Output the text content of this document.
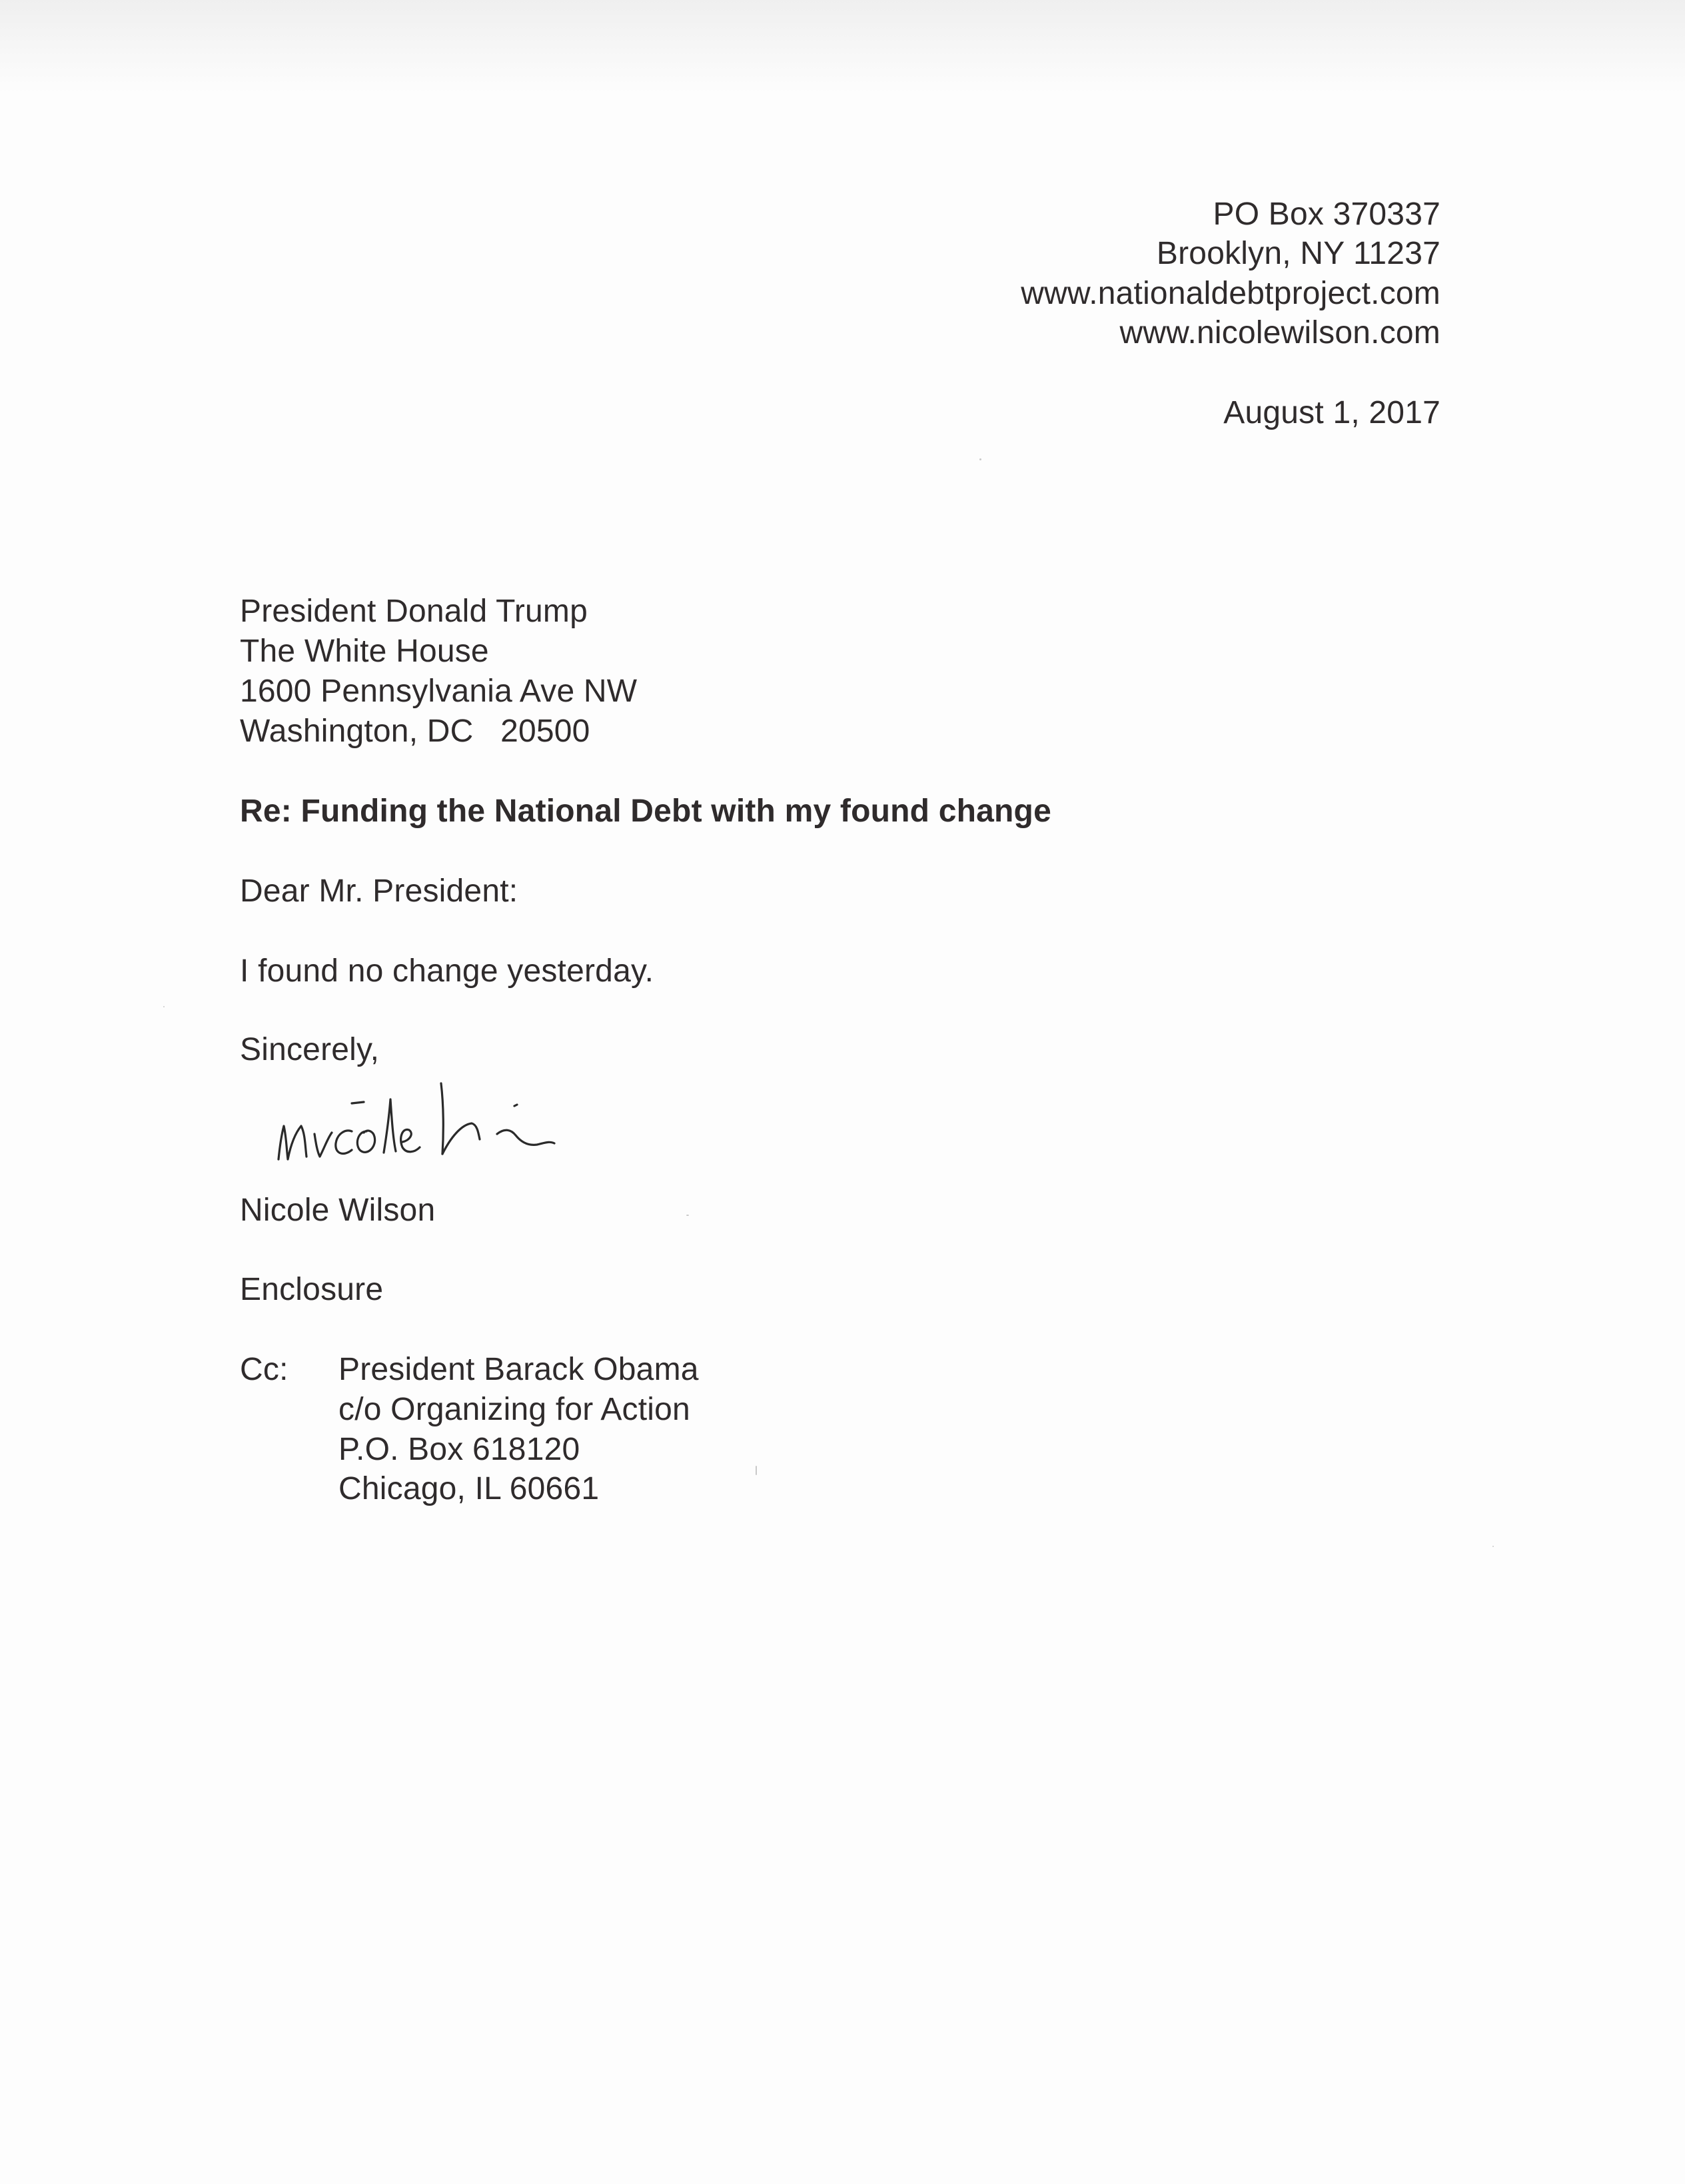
PO Box 370337
Brooklyn, NY 11237
www.nationaldebtproject.com
www.nicolewilson.com
August 1, 2017
President Donald Trump
The White House
1600 Pennsylvania Ave NW
Washington, DC   20500
Re: Funding the National Debt with my found change
Dear Mr. President:
I found no change yesterday.
Sincerely,
Nicole Wilson
Enclosure
Cc: President Barack Obama
c/o Organizing for Action
P.O. Box 618120
Chicago, IL 60661
